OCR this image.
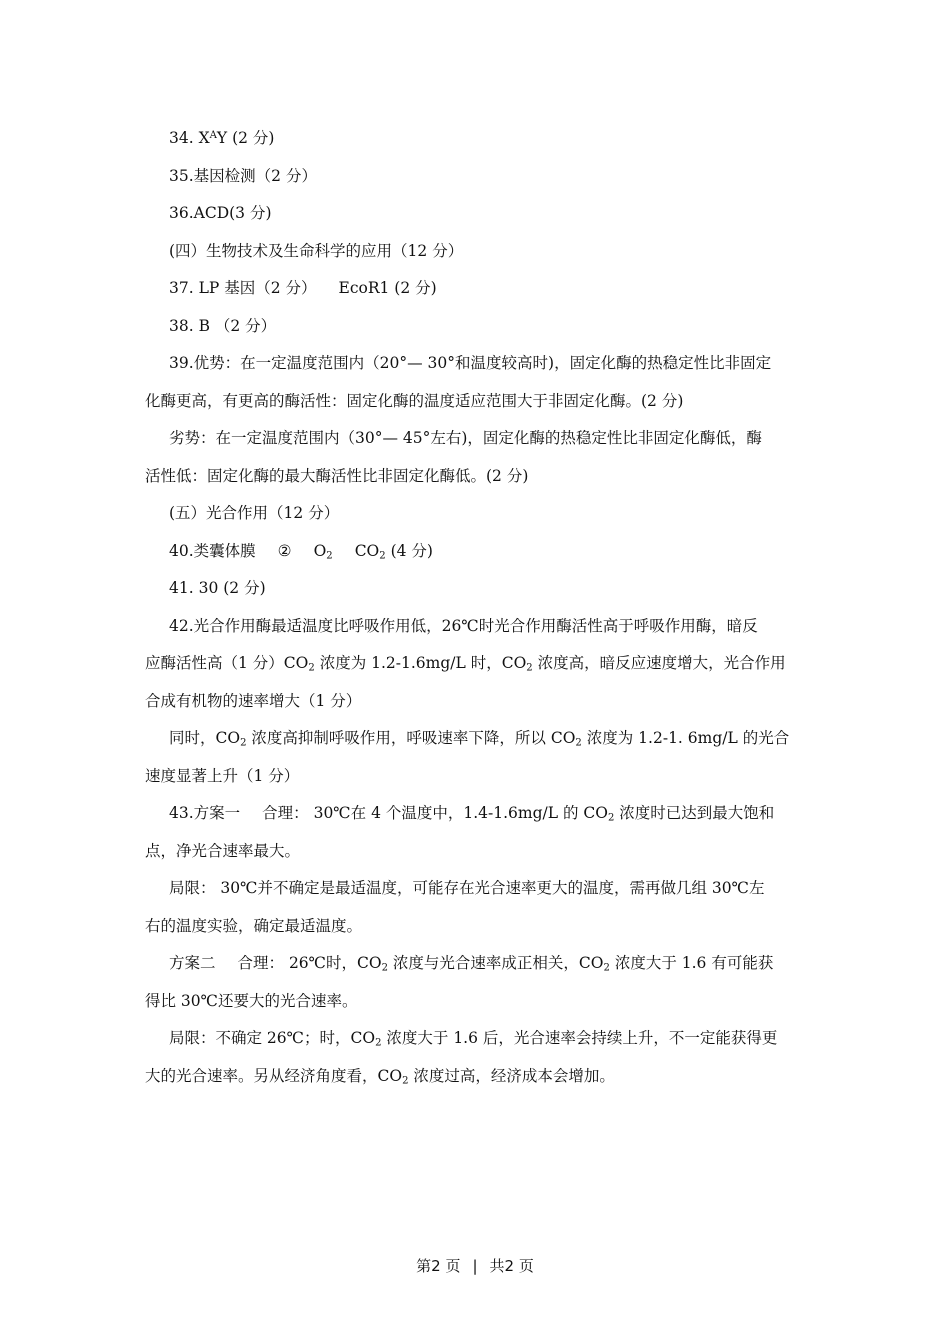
34. $X^AY$ (2 分)
35.基因检测（2 分）
36.ACD(3 分)
(四）生物技术及生命科学的应用（12 分）
37. LP 基因（2 分） EcoR1 (2 分)
38. B （2 分）
39.优势：在一定温度范围内（20°— 30°和温度较高时)，固定化酶的热稳定性比非固定
化酶更高，有更高的酶活性：固定化酶的温度适应范围大于非固定化酶。(2 分)
劣势：在一定温度范围内（30°— 45°左右)，固定化酶的热稳定性比非固定化酶低，酶
活性低：固定化酶的最大酶活性比非固定化酶低。(2 分)
(五）光合作用（12 分）
40.类囊体膜 ② $O_2$ $CO_2$ (4 分)
41. 30 (2 分)
42.光合作用酶最适温度比呼吸作用低，26℃时光合作用酶活性高于呼吸作用酶，暗反
应酶活性高（1 分）$CO_2$ 浓度为 1.2-1.6mg/L 时，$CO_2$ 浓度高，暗反应速度增大，光合作用
合成有机物的速率增大（1 分）
同时，$CO_2$ 浓度高抑制呼吸作用，呼吸速率下降，所以 $CO_2$ 浓度为 1.2-1. 6mg/L 的光合
速度显著上升（1 分）
43.方案一 合理： 30℃在 4 个温度中，1.4-1.6mg/L 的 $CO_2$ 浓度时已达到最大饱和
点，净光合速率最大。
局限： 30℃并不确定是最适温度，可能存在光合速率更大的温度，需再做几组 30℃左
右的温度实验，确定最适温度。
方案二 合理： 26℃时，$CO_2$ 浓度与光合速率成正相关，$CO_2$ 浓度大于 1.6 有可能获
得比 30℃还要大的光合速率。
局限：不确定 26℃；时，$CO_2$ 浓度大于 1.6 后，光合速率会持续上升，不一定能获得更
大的光合速率。另从经济角度看，$CO_2$ 浓度过高，经济成本会增加。
第2 页 | 共2 页
